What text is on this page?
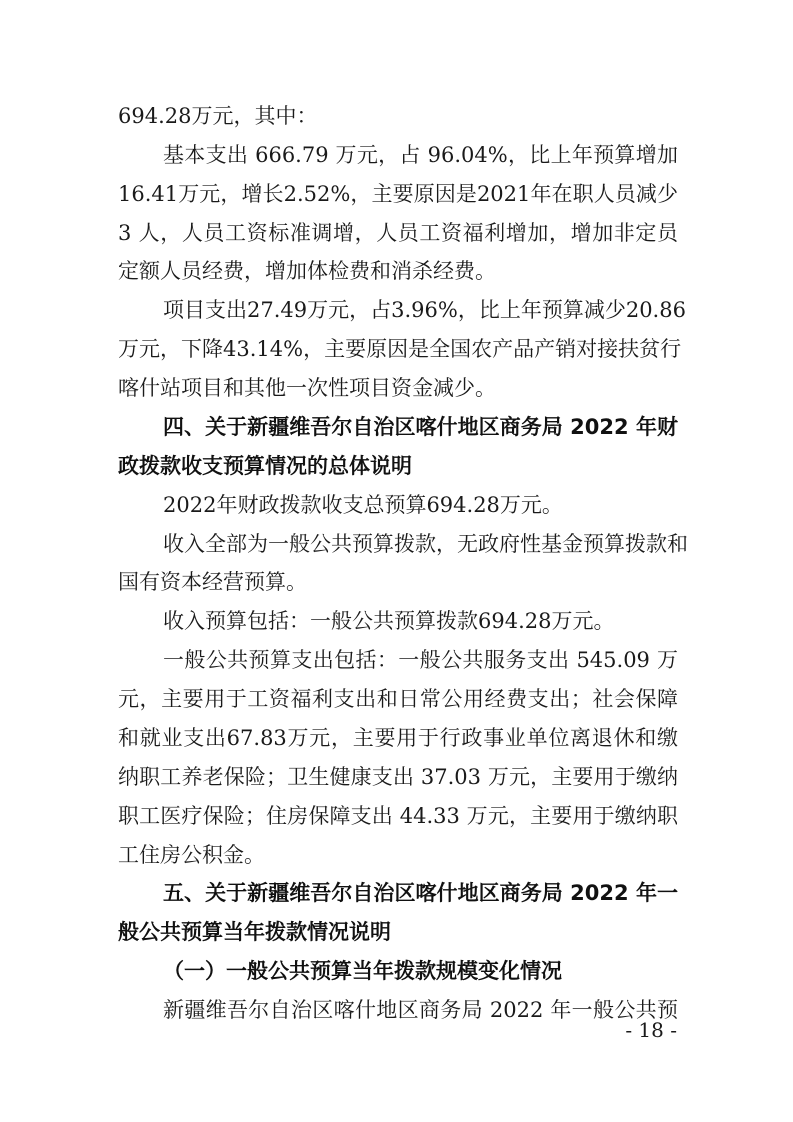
694.28万元，其中：
基本支出 666.79 万元，占 96.04%，比上年预算增加
16.41万元，增长2.52%，主要原因是2021年在职人员减少
3 人，人员工资标准调增，人员工资福利增加，增加非定员
定额人员经费，增加体检费和消杀经费。
项目支出27.49万元，占3.96%，比上年预算减少20.86
万元，下降43.14%，主要原因是全国农产品产销对接扶贫行
喀什站项目和其他一次性项目资金减少。
四、关于新疆维吾尔自治区喀什地区商务局 2022 年财
政拨款收支预算情况的总体说明
2022年财政拨款收支总预算694.28万元。
收入全部为一般公共预算拨款，无政府性基金预算拨款和
国有资本经营预算。
收入预算包括：一般公共预算拨款694.28万元。
一般公共预算支出包括：一般公共服务支出 545.09 万
元，主要用于工资福利支出和日常公用经费支出；社会保障
和就业支出67.83万元，主要用于行政事业单位离退休和缴
纳职工养老保险；卫生健康支出 37.03 万元，主要用于缴纳
职工医疗保险；住房保障支出 44.33 万元，主要用于缴纳职
工住房公积金。
五、关于新疆维吾尔自治区喀什地区商务局 2022 年一
般公共预算当年拨款情况说明
（一）一般公共预算当年拨款规模变化情况
新疆维吾尔自治区喀什地区商务局 2022 年一般公共预
- 18 -
